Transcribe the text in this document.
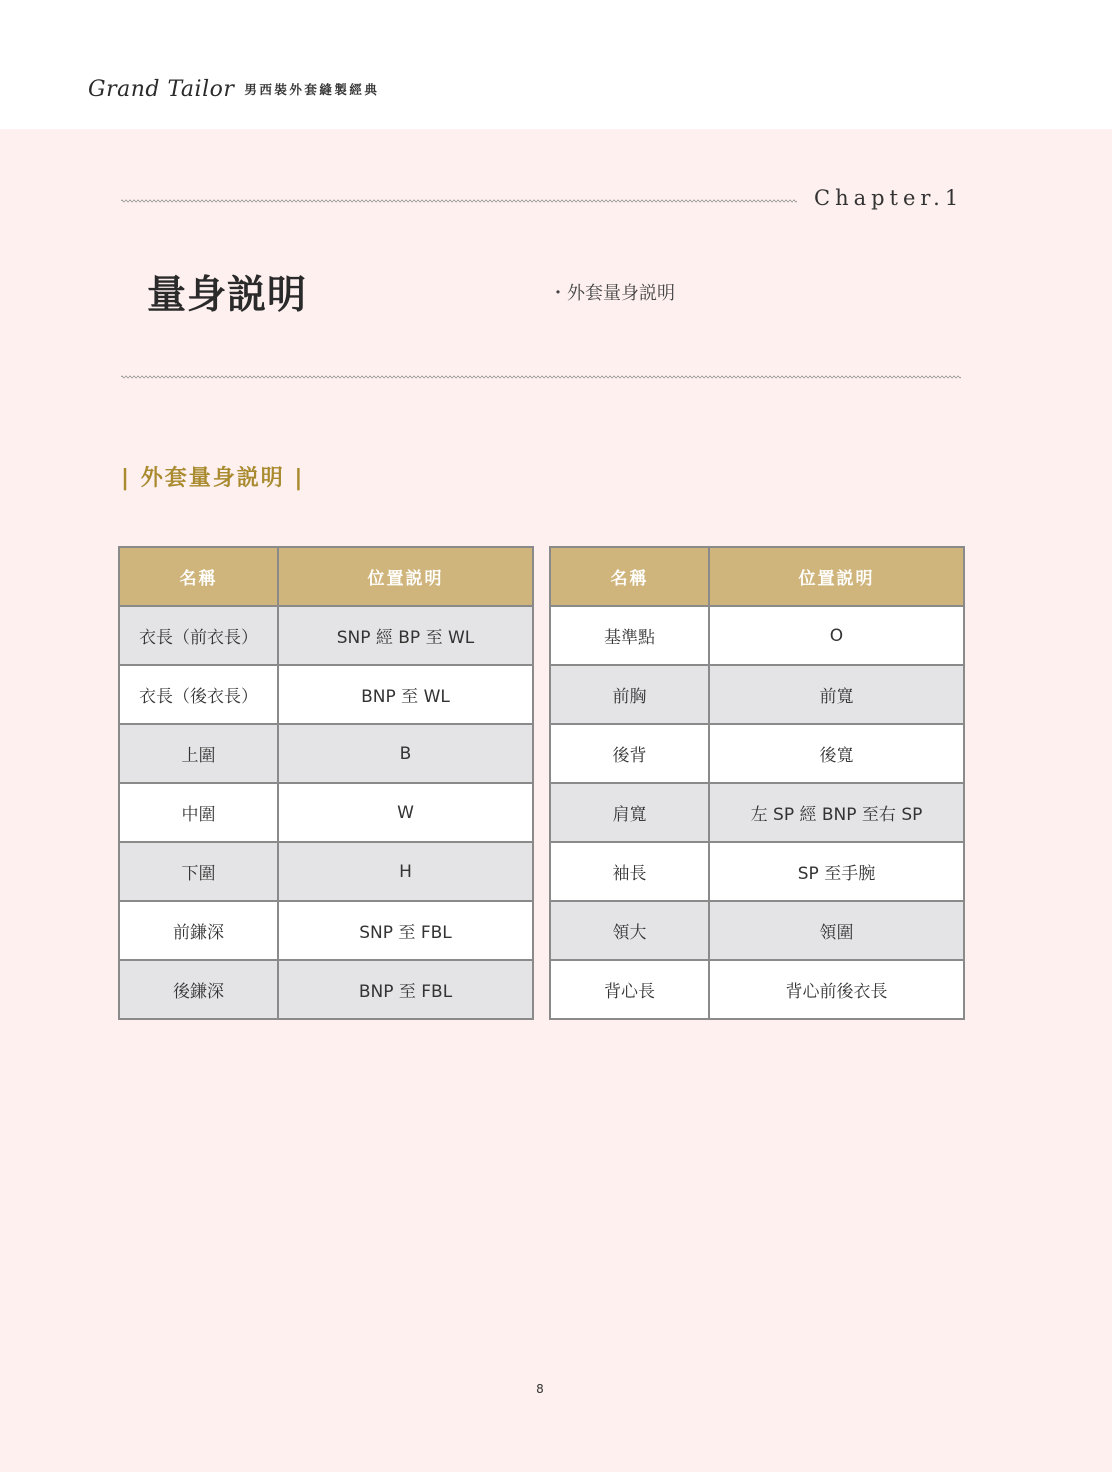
Grand Tailor 男西裝外套縫製經典
Chapter.1
量身説明	・外套量身説明
| 外套量身説明 |
名稱	位置説明
衣長（前衣長）	SNP 經 BP 至 WL
衣長（後衣長）	BNP 至 WL
上圍	B
中圍	W
下圍	H
前鎌深	SNP 至 FBL
後鎌深	BNP 至 FBL
名稱	位置説明
基準點	O
前胸	前寬
後背	後寬
肩寬	左 SP 經 BNP 至右 SP
袖長	SP 至手腕
領大	領圍
背心長	背心前後衣長
8
